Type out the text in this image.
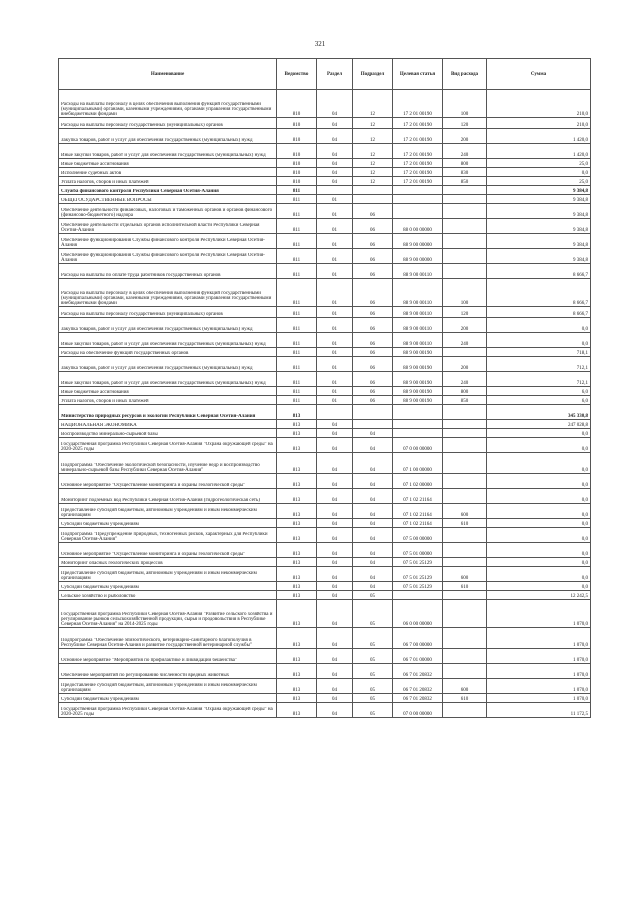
321
Наименование	Ведомство	Раздел	Подраздел	Целевая статья	Вид расхода	Сумма

Расходы на выплаты персоналу в целях обеспечения выполнения функций государственными (муниципальными) органами, казенными учреждениями, органами управления государственными внебюджетными фондами	810	04	12	17 2 01 00190	100	210,0

Расходы на выплаты персоналу государственных (муниципальных) органов	810	04	12	17 2 01 00190	120	210,0

Закупка товаров, работ и услуг для обеспечения государственных (муниципальных) нужд	810	04	12	17 2 01 00190	200	1 420,0

Иные закупки товаров, работ и услуг для обеспечения государственных (муниципальных) нужд	810	04	12	17 2 01 00190	240	1 420,0

Иные бюджетные ассигнования	810	04	12	17 2 01 00190	800	25,0

Исполнение судебных актов	810	04	12	17 2 01 00190	830	0,0

Уплата налогов, сборов и иных платежей	810	04	12	17 2 01 00190	850	25,0

Служба финансового контроля Республики Северная Осетия-Алания	811					9 384,8

ОБЩЕГОСУДАРСТВЕННЫЕ ВОПРОСЫ	811	01				9 384,8

Обеспечение деятельности финансовых, налоговых и таможенных органов и органов финансового (финансово-бюджетного) надзора	811	01	06			9 384,8

Обеспечение деятельности отдельных органов исполнительной власти Республики Северная Осетия-Алания	811	01	06	88 0 00 00000		9 384,8

Обеспечение функционирования Службы финансового контроля Республики Северная Осетия-Алания	811	01	06	88 9 00 00000		9 384,8

Обеспечение функционирования Службы финансового контроля Республики Северная Осетия-Алания	811	01	06	88 9 00 00000		9 384,8

Расходы на выплаты по оплате труда работников государственных органов	811	01	06	88 9 00 00110		8 666,7

Расходы на выплаты персоналу в целях обеспечения выполнения функций государственными (муниципальными) органами, казенными учреждениями, органами управления государственными внебюджетными фондами	811	01	06	88 9 00 00110	100	8 666,7

Расходы на выплаты персоналу государственных (муниципальных) органов	811	01	06	88 9 00 00110	120	8 666,7

Закупка товаров, работ и услуг для обеспечения государственных (муниципальных) нужд	811	01	06	88 9 00 00110	200	0,0

Иные закупки товаров, работ и услуг для обеспечения государственных (муниципальных) нужд	811	01	06	88 9 00 00110	240	0,0

Расходы на обеспечение функций государственных органов	811	01	06	88 9 00 00190		718,1

Закупка товаров, работ и услуг для обеспечения государственных (муниципальных) нужд	811	01	06	88 9 00 00190	200	712,1

Иные закупки товаров, работ и услуг для обеспечения государственных (муниципальных) нужд	811	01	06	88 9 00 00190	240	712,1

Иные бюджетные ассигнования	811	01	06	88 9 00 00190	800	6,0

Уплата налогов, сборов и иных платежей	811	01	06	88 9 00 00190	850	6,0

Министерство природных ресурсов и экологии Республики Северная Осетия-Алания	813					345 330,8

НАЦИОНАЛЬНАЯ ЭКОНОМИКА	813	04				247 028,8

Воспроизводство минерально-сырьевой базы	813	04	04			0,0

Государственная программа Республики Северная Осетия-Алания "Охрана окружающей среды" на 2020-2025 годы	813	04	04	07 0 00 00000		0,0

Подпрограмма "Обеспечение экологической безопасности, изучение недр и воспроизводство минерально-сырьевой базы Республики Северная Осетия-Алания"	813	04	04	07 1 00 00000		0,0

Основное мероприятие "Осуществление мониторинга и охраны геологической среды"	813	04	04	07 1 02 00000		0,0

Мониторинг подземных вод Республики Северная Осетия-Алания (гидрогеологическая сеть)	813	04	04	07 1 02 21164		0,0

Предоставление субсидий бюджетным, автономным учреждениям и иным некоммерческим организациям	813	04	04	07 1 02 21164	600	0,0

Субсидии бюджетным учреждениям	813	04	04	07 1 02 21164	610	0,0

Подпрограмма "Предупреждение природных, техногенных рисков, характерных для Республики Северная Осетия-Алания"	813	04	04	07 5 00 00000		0,0

Основное мероприятие "Осуществление мониторинга и охраны геологической среды"	813	04	04	07 5 01 00000		0,0

Мониторинг опасных геологических процессов	813	04	04	07 5 01 25129		0,0

Предоставление субсидий бюджетным, автономным учреждениям и иным некоммерческим организациям	813	04	04	07 5 01 25129	600	0,0

Субсидии бюджетным учреждениям	813	04	04	07 5 01 25129	610	0,0

Сельское хозяйство и рыболовство	813	04	05			12 242,5

Государственная программа Республики Северная Осетия-Алания "Развитие сельского хозяйства и регулирование рынков сельскохозяйственной продукции, сырья и продовольствия в Республике Северная Осетия-Алания" на 2014-2025 годы	813	04	05	06 0 00 00000		1 070,0

Подпрограмма "Обеспечение эпизоотического, ветеринарно-санитарного благополучия в Республике Северная Осетия-Алания и развитие государственной ветеринарной службы"	813	04	05	06 7 00 00000		1 070,0

Основное мероприятие "Мероприятия по профилактике и ликвидации бешенства"	813	04	05	06 7 01 00000		1 070,0

Обеспечение мероприятий по регулированию численности вредных животных	813	04	05	06 7 01 20832		1 070,0

Предоставление субсидий бюджетным, автономным учреждениям и иным некоммерческим организациям	813	04	05	06 7 01 20832	600	1 070,0

Субсидии бюджетным учреждениям	813	04	05	06 7 01 20832	610	1 070,0

Государственная программа Республики Северная Осетия-Алания "Охрана окружающей среды" на 2020-2025 годы	813	04	05	07 0 00 00000		11 172,5
